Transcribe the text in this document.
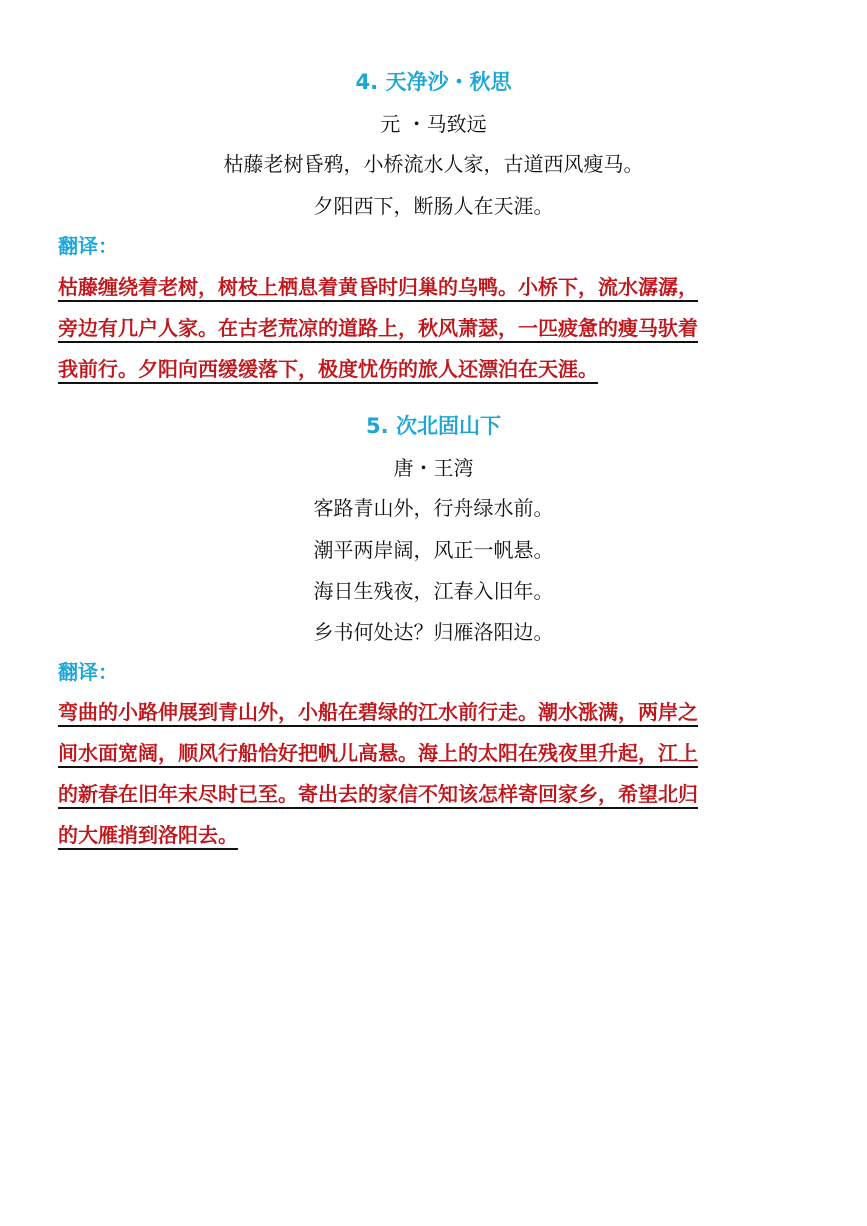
4. 天净沙・秋思
元 ・马致远
枯藤老树昏鸦，小桥流水人家，古道西风瘦马。
夕阳西下，断肠人在天涯。
翻译：
枯藤缠绕着老树，树枝上栖息着黄昏时归巢的乌鸭。小桥下，流水潺潺，
旁边有几户人家。在古老荒凉的道路上，秋风萧瑟，一匹疲惫的瘦马驮着
我前行。夕阳向西缓缓落下，极度忧伤的旅人还漂泊在天涯。
5. 次北固山下
唐・王湾
客路青山外，行舟绿水前。
潮平两岸阔，风正一帆悬。
海日生残夜，江春入旧年。
乡书何处达？归雁洛阳边。
翻译：
弯曲的小路伸展到青山外，小船在碧绿的江水前行走。潮水涨满，两岸之
间水面宽阔，顺风行船恰好把帆儿高悬。海上的太阳在残夜里升起，江上
的新春在旧年末尽时已至。寄出去的家信不知该怎样寄回家乡，希望北归
的大雁捎到洛阳去。
